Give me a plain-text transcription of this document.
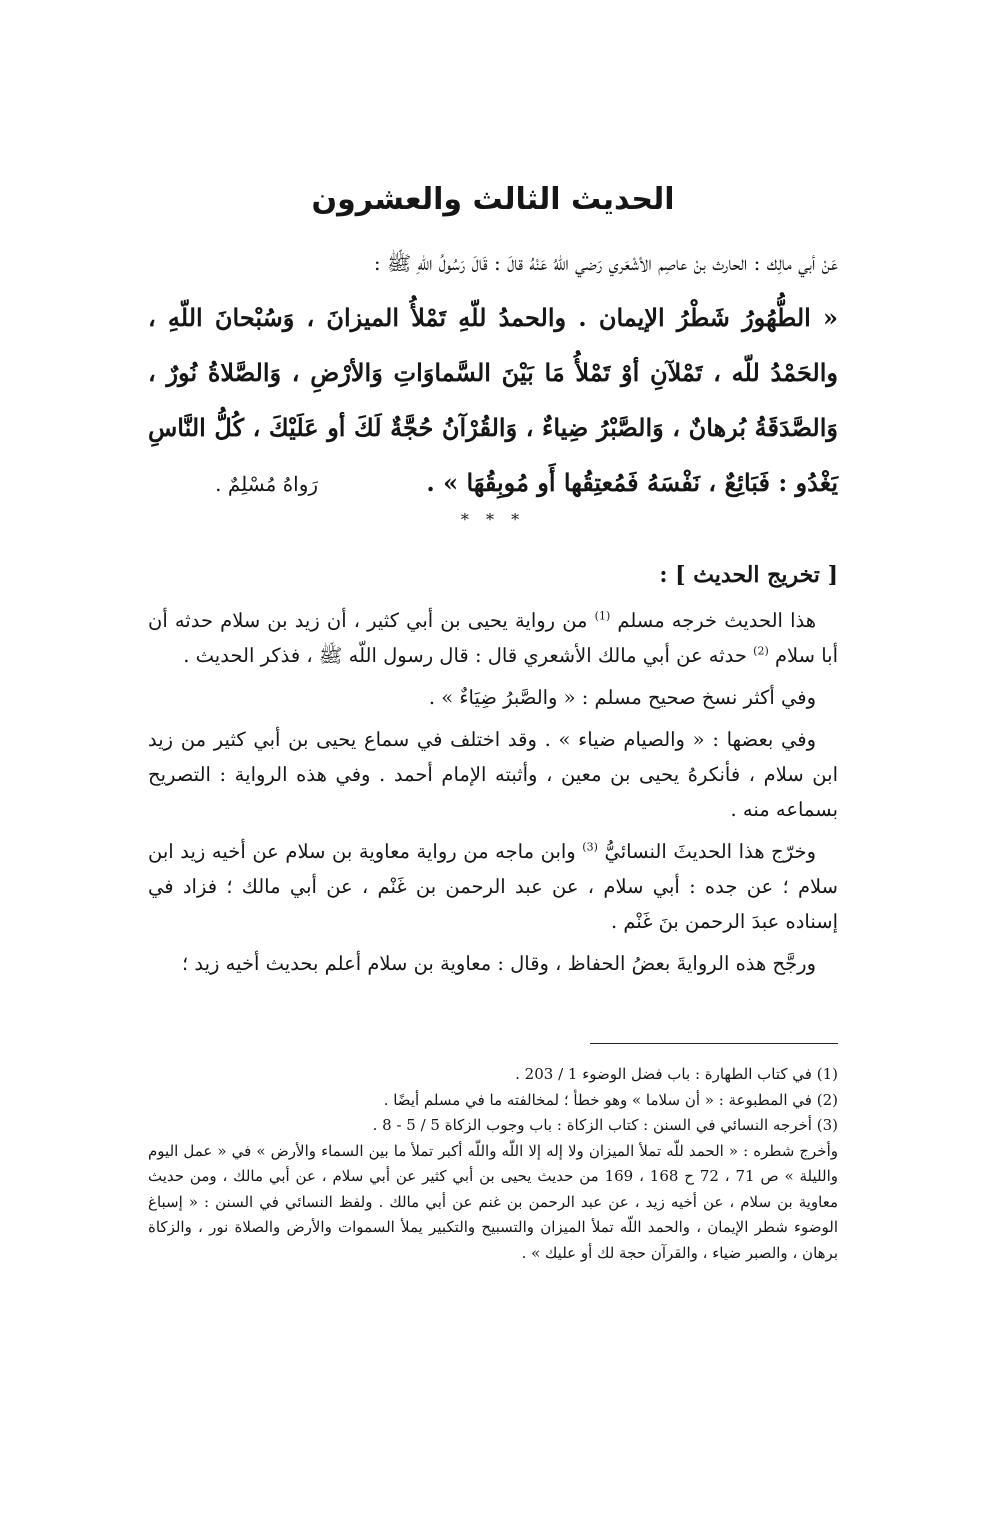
الحديث الثالث والعشرون
عَنْ أبي مالِك : الحارث بنْ عاصِم الأشْعَري رَضي اللّهُ عَنْهُ قالَ : قَالَ رَسُولُ اللّهِ ﷺ :
« الطُّهُورُ شَطْرُ الإيمان . والحمدُ للّهِ تَمْلأُ الميزانَ ، وَسُبْحانَ اللّهِ ، والحَمْدُ للّه ، تَمْلآنِ أوْ تَمْلأُ مَا بَيْنَ السَّماوَاتِ وَالأرْضِ ، وَالصَّلاةُ نُورٌ ، وَالصَّدَقَةُ بُرهانٌ ، وَالصَّبْرُ ضِياءٌ ، وَالقُرْآنُ حُجَّةٌ لَكَ أو عَلَيْكَ ، كُلُّ النَّاسِ يَغْدُو : فَبَائِعٌ ، نَفْسَهُ فَمُعتِقُها أَو مُوبِقُهَا » .      رَواهُ مُسْلِمٌ .
* * *
[ تخريج الحديث ] :

هذا الحديث خرجه مسلم $^{(1)}$ من رواية يحيى بن أبي كثير ، أن زيد بن سلام حدثه أن أبا سلام $^{(2)}$ حدثه عن أبي مالك الأشعري قال : قال رسول اللّه ﷺ ، فذكر الحديث .

وفي أكثر نسخ صحيح مسلم : « والصَّبرُ ضِيَاءٌ » .

وفي بعضها : « والصيام ضياء » . وقد اختلف في سماع يحيى بن أبي كثير من زيد ابن سلام ، فأنكرهُ يحيى بن معين ، وأثبته الإمام أحمد . وفي هذه الرواية : التصريح بسماعه منه .

وخرّج هذا الحديثَ النسائيُّ $^{(3)}$ وابن ماجه من رواية معاوية بن سلام عن أخيه زيد ابن سلام ؛ عن جده : أبي سلام ، عن عبد الرحمن بن غَنْم ، عن أبي مالك ؛ فزاد في إسناده عبدَ الرحمن بنَ غَنْم .

ورجَّح هذه الروايةَ بعضُ الحفاظ ، وقال : معاوية بن سلام أعلم بحديث أخيه زيد ؛

(1) في كتاب الطهارة : باب فضل الوضوء 1 / 203 .

(2) في المطبوعة : « أن سلاما » وهو خطأ ؛ لمخالفته ما في مسلم أيضًا .

(3) أخرجه النسائي في السنن : كتاب الزكاة : باب وجوب الزكاة 5 / 5 - 8 .

وأخرج شطره : « الحمد للّه تملأ الميزان ولا إله إلا اللّه واللّه أكبر تملأ ما بين السماء والأرض » في « عمل اليوم والليلة » ص 71 ، 72 ح 168 ، 169 من حديث يحيى بن أبي كثير عن أبي سلام ، عن أبي مالك ، ومن حديث معاوية بن سلام ، عن أخيه زيد ، عن عبد الرحمن بن غنم عن أبي مالك . ولفظ النسائي في السنن : « إسباغ الوضوء شطر الإيمان ، والحمد اللّه تملأ الميزان والتسبيح والتكبير يملأ السموات والأرض والصلاة نور ، والزكاة برهان ، والصبر ضياء ، والقرآن حجة لك أو عليك » .
